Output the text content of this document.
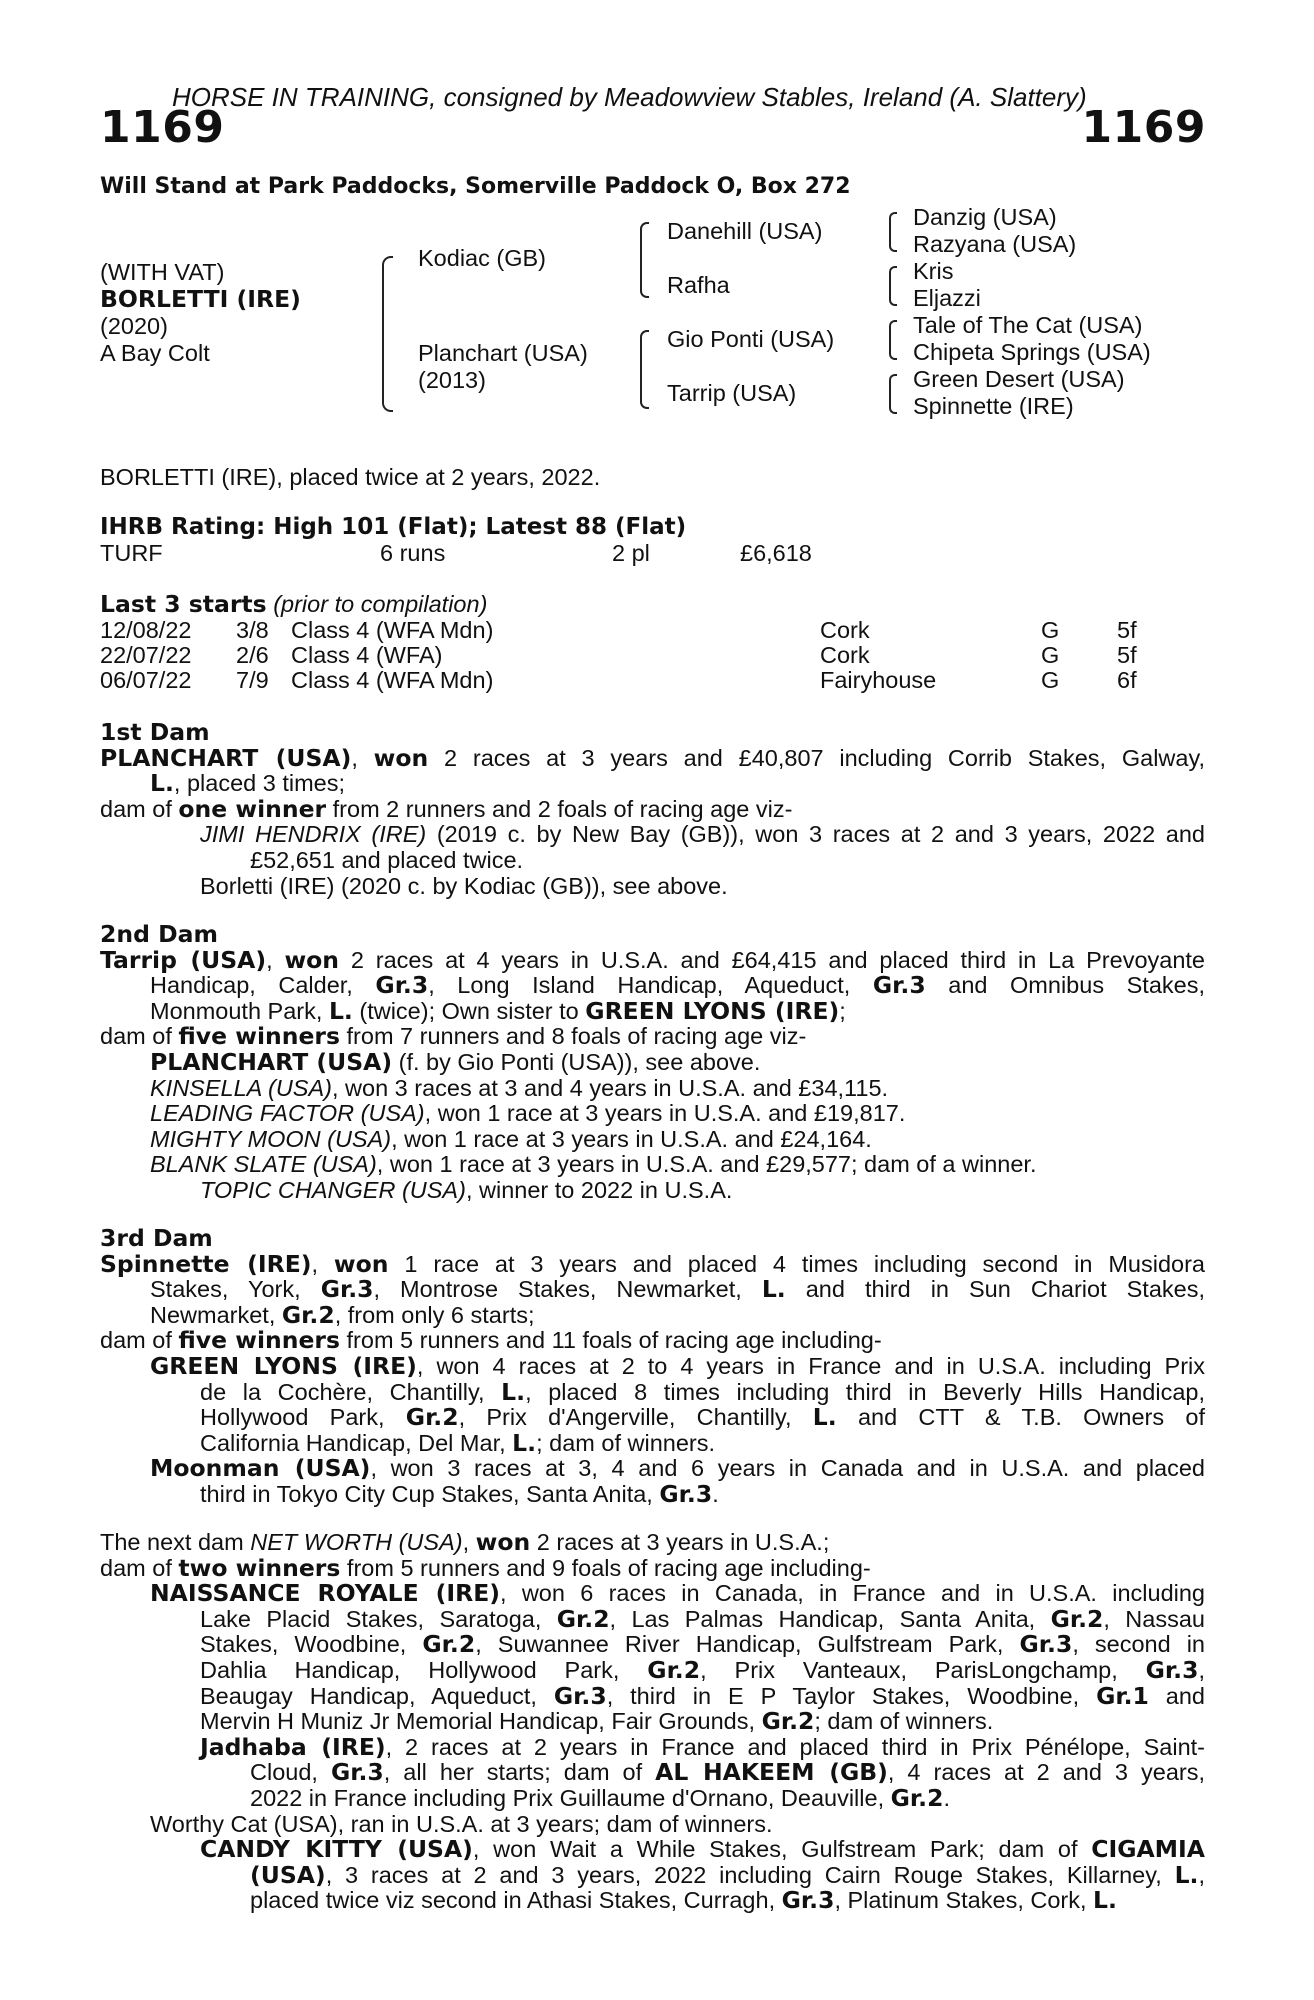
HORSE IN TRAINING, consigned by Meadowview Stables, Ireland (A. Slattery)
1169	1169
Will Stand at Park Paddocks, Somerville Paddock O, Box 272
(WITH VAT)
BORLETTI (IRE)
(2020)
A Bay Colt
Kodiac (GB)
Planchart (USA)
(2013)
Danehill (USA)
Rafha
Gio Ponti (USA)
Tarrip (USA)
Danzig (USA)
Razyana (USA)
Kris
Eljazzi
Tale of The Cat (USA)
Chipeta Springs (USA)
Green Desert (USA)
Spinnette (IRE)
BORLETTI (IRE), placed twice at 2 years, 2022.
IHRB Rating: High 101 (Flat); Latest 88 (Flat)
TURF	6 runs	2 pl	£6,618
Last 3 starts (prior to compilation)
12/08/22 3/8 Class 4 (WFA Mdn)	Cork	G 5f
22/07/22 2/6 Class 4 (WFA)	Cork	G 5f
06/07/22 7/9 Class 4 (WFA Mdn)	Fairyhouse	G 6f
1st Dam
PLANCHART (USA), won 2 races at 3 years and £40,807 including Corrib Stakes, Galway,
L., placed 3 times;
dam of one winner from 2 runners and 2 foals of racing age viz-
JIMI HENDRIX (IRE) (2019 c. by New Bay (GB)), won 3 races at 2 and 3 years, 2022 and
£52,651 and placed twice.
Borletti (IRE) (2020 c. by Kodiac (GB)), see above.
2nd Dam
Tarrip (USA), won 2 races at 4 years in U.S.A. and £64,415 and placed third in La Prevoyante
Handicap, Calder, Gr.3, Long Island Handicap, Aqueduct, Gr.3 and Omnibus Stakes,
Monmouth Park, L. (twice); Own sister to GREEN LYONS (IRE);
dam of five winners from 7 runners and 8 foals of racing age viz-
PLANCHART (USA) (f. by Gio Ponti (USA)), see above.
KINSELLA (USA), won 3 races at 3 and 4 years in U.S.A. and £34,115.
LEADING FACTOR (USA), won 1 race at 3 years in U.S.A. and £19,817.
MIGHTY MOON (USA), won 1 race at 3 years in U.S.A. and £24,164.
BLANK SLATE (USA), won 1 race at 3 years in U.S.A. and £29,577; dam of a winner.
TOPIC CHANGER (USA), winner to 2022 in U.S.A.
3rd Dam
Spinnette (IRE), won 1 race at 3 years and placed 4 times including second in Musidora
Stakes, York, Gr.3, Montrose Stakes, Newmarket, L. and third in Sun Chariot Stakes,
Newmarket, Gr.2, from only 6 starts;
dam of five winners from 5 runners and 11 foals of racing age including-
GREEN LYONS (IRE), won 4 races at 2 to 4 years in France and in U.S.A. including Prix
de la Cochère, Chantilly, L., placed 8 times including third in Beverly Hills Handicap,
Hollywood Park, Gr.2, Prix d'Angerville, Chantilly, L. and CTT & T.B. Owners of
California Handicap, Del Mar, L.; dam of winners.
Moonman (USA), won 3 races at 3, 4 and 6 years in Canada and in U.S.A. and placed
third in Tokyo City Cup Stakes, Santa Anita, Gr.3.
The next dam NET WORTH (USA), won 2 races at 3 years in U.S.A.;
dam of two winners from 5 runners and 9 foals of racing age including-
NAISSANCE ROYALE (IRE), won 6 races in Canada, in France and in U.S.A. including
Lake Placid Stakes, Saratoga, Gr.2, Las Palmas Handicap, Santa Anita, Gr.2, Nassau
Stakes, Woodbine, Gr.2, Suwannee River Handicap, Gulfstream Park, Gr.3, second in
Dahlia Handicap, Hollywood Park, Gr.2, Prix Vanteaux, ParisLongchamp, Gr.3,
Beaugay Handicap, Aqueduct, Gr.3, third in E P Taylor Stakes, Woodbine, Gr.1 and
Mervin H Muniz Jr Memorial Handicap, Fair Grounds, Gr.2; dam of winners.
Jadhaba (IRE), 2 races at 2 years in France and placed third in Prix Pénélope, Saint-
Cloud, Gr.3, all her starts; dam of AL HAKEEM (GB), 4 races at 2 and 3 years,
2022 in France including Prix Guillaume d'Ornano, Deauville, Gr.2.
Worthy Cat (USA), ran in U.S.A. at 3 years; dam of winners.
CANDY KITTY (USA), won Wait a While Stakes, Gulfstream Park; dam of CIGAMIA
(USA), 3 races at 2 and 3 years, 2022 including Cairn Rouge Stakes, Killarney, L.,
placed twice viz second in Athasi Stakes, Curragh, Gr.3, Platinum Stakes, Cork, L.
